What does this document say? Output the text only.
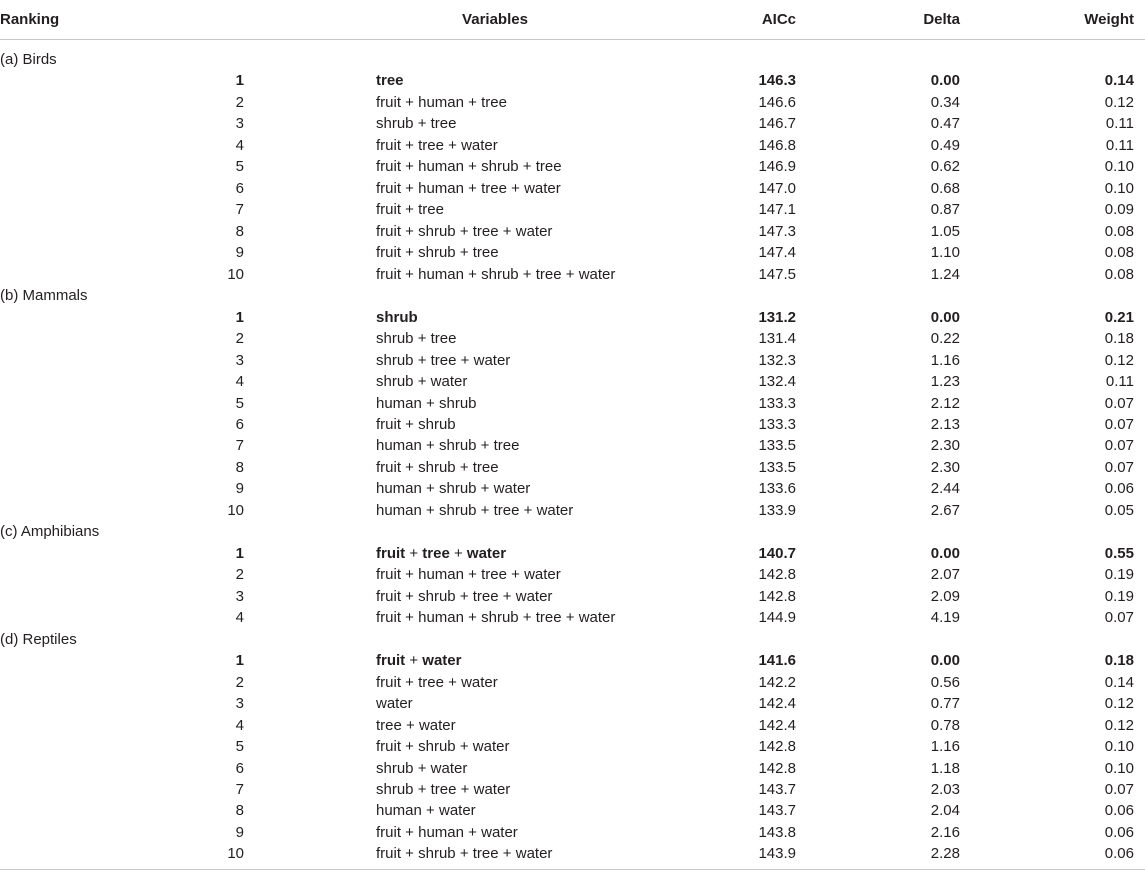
Ranking	Variables	AICc	Delta	Weight
(a) Birds
1	tree	146.3	0.00	0.14
2	fruit + human + tree	146.6	0.34	0.12
3	shrub + tree	146.7	0.47	0.11
4	fruit + tree + water	146.8	0.49	0.11
5	fruit + human + shrub + tree	146.9	0.62	0.10
6	fruit + human + tree + water	147.0	0.68	0.10
7	fruit + tree	147.1	0.87	0.09
8	fruit + shrub + tree + water	147.3	1.05	0.08
9	fruit + shrub + tree	147.4	1.10	0.08
10	fruit + human + shrub + tree + water	147.5	1.24	0.08
(b) Mammals
1	shrub	131.2	0.00	0.21
2	shrub + tree	131.4	0.22	0.18
3	shrub + tree + water	132.3	1.16	0.12
4	shrub + water	132.4	1.23	0.11
5	human + shrub	133.3	2.12	0.07
6	fruit + shrub	133.3	2.13	0.07
7	human + shrub + tree	133.5	2.30	0.07
8	fruit + shrub + tree	133.5	2.30	0.07
9	human + shrub + water	133.6	2.44	0.06
10	human + shrub + tree + water	133.9	2.67	0.05
(c) Amphibians
1	fruit + tree + water	140.7	0.00	0.55
2	fruit + human + tree + water	142.8	2.07	0.19
3	fruit + shrub + tree + water	142.8	2.09	0.19
4	fruit + human + shrub + tree + water	144.9	4.19	0.07
(d) Reptiles
1	fruit + water	141.6	0.00	0.18
2	fruit + tree + water	142.2	0.56	0.14
3	water	142.4	0.77	0.12
4	tree + water	142.4	0.78	0.12
5	fruit + shrub + water	142.8	1.16	0.10
6	shrub + water	142.8	1.18	0.10
7	shrub + tree + water	143.7	2.03	0.07
8	human + water	143.7	2.04	0.06
9	fruit + human + water	143.8	2.16	0.06
10	fruit + shrub + tree + water	143.9	2.28	0.06
